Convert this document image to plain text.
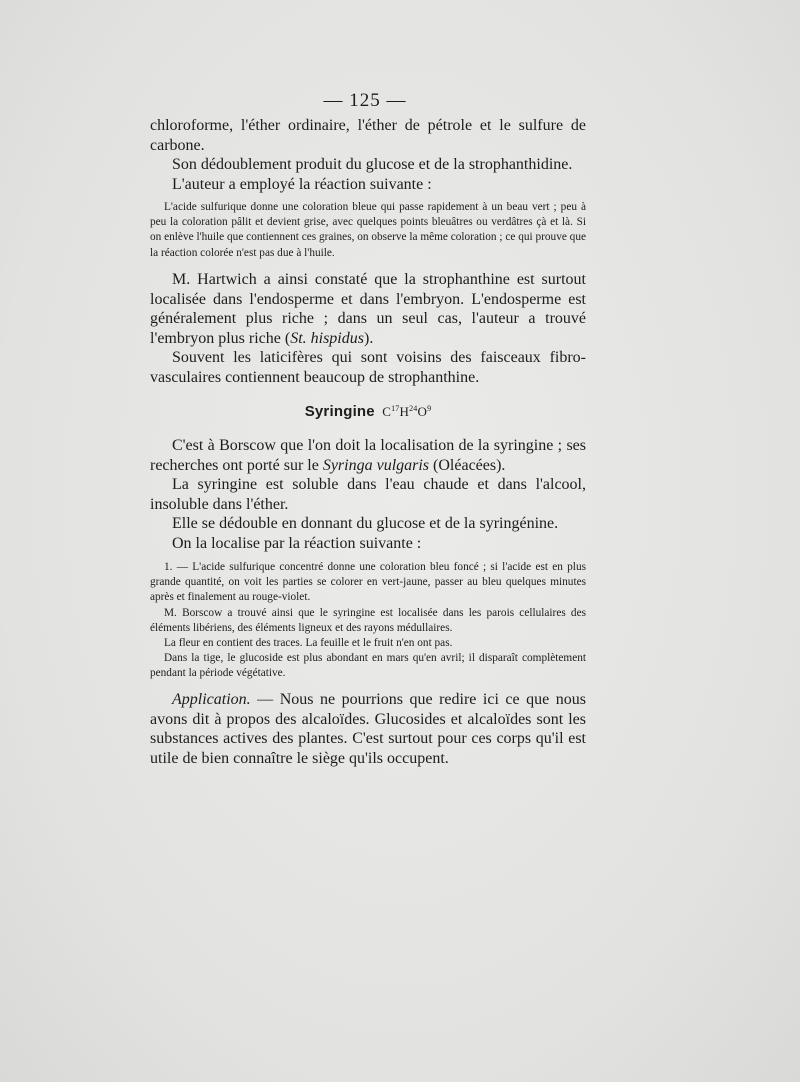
— 125 —

chloroforme, l'éther ordinaire, l'éther de pétrole et le sulfure de carbone.

Son dédoublement produit du glucose et de la strophanthidine.

L'auteur a employé la réaction suivante :

L'acide sulfurique donne une coloration bleue qui passe rapidement à un beau vert ; peu à peu la coloration pâlit et devient grise, avec quelques points bleuâtres ou verdâtres çà et là. Si on enlève l'huile que contiennent ces graines, on observe la même coloration ; ce qui prouve que la réaction colorée n'est pas due à l'huile.

M. Hartwich a ainsi constaté que la strophanthine est surtout localisée dans l'endosperme et dans l'embryon. L'endosperme est généralement plus riche ; dans un seul cas, l'auteur a trouvé l'embryon plus riche (St. hispidus).

Souvent les laticifères qui sont voisins des faisceaux fibro-vasculaires contiennent beaucoup de strophanthine.

Syringine $C^{17}H^{24}O^9$

C'est à Borscow que l'on doit la localisation de la syringine ; ses recherches ont porté sur le Syringa vulgaris (Oléacées).

La syringine est soluble dans l'eau chaude et dans l'alcool, insoluble dans l'éther.

Elle se dédouble en donnant du glucose et de la syringénine.

On la localise par la réaction suivante :

1. — L'acide sulfurique concentré donne une coloration bleu foncé ; si l'acide est en plus grande quantité, on voit les parties se colorer en vert-jaune, passer au bleu quelques minutes après et finalement au rouge-violet.

M. Borscow a trouvé ainsi que le syringine est localisée dans les parois cellulaires des éléments libériens, des éléments ligneux et des rayons médullaires.

La fleur en contient des traces. La feuille et le fruit n'en ont pas.

Dans la tige, le glucoside est plus abondant en mars qu'en avril; il disparaît complètement pendant la période végétative.

Application. — Nous ne pourrions que redire ici ce que nous avons dit à propos des alcaloïdes. Glucosides et alcaloïdes sont les substances actives des plantes. C'est surtout pour ces corps qu'il est utile de bien connaître le siège qu'ils occupent.
